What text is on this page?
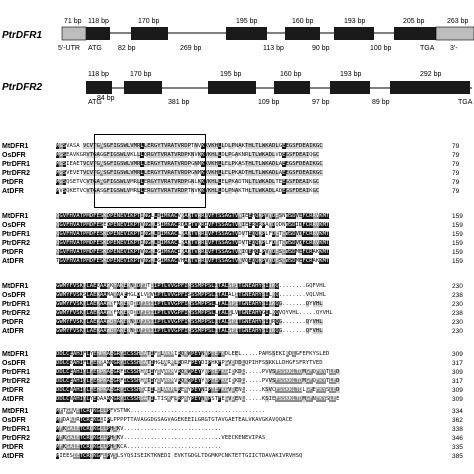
PtrDFR1
71 bp 118 bp	170 bp	195 bp	160 bp	193 bp	205 bp	263 bp
5'-UTR ATG 82 bp	269 bp	113 bp	90 bp	100 bp	TGA 3'-
PtrDFR2
118 bp	170 bp	195 bp	160 bp	193 bp	292 bp
ATG
84 bp
381 bp	109 bp	97 bp	89 bp	TGA
MtDFR1	MGSVASA VCVTGASGFIGSWLVMRLLERGYTVRATVRDPTNVKKVKHLLDLPNAKTHLTLWKADLGEEGSFDEAIKGC	79
OsDFR	MGSEAVKGRVTGAGGFIGSWLVKLLLQRGYTVRATVRDPKNVKKVKHLLDLPGAKNRLTLWKADLVDEGSFDEAIQGC	79
PtrDFR1	MGSIEAETVCVTGASGFIGSWLVMRLLERGYTVRATVRDPGNMKKVKHLLELPKASTHLTLWKADLAEEGSFDEAIKGC	79
PtrDFR2	MGSVEVETVCVTGASGFIGSWLVMRLLERGYTVRATVRDPGNMKKVKHLLELPKADTHLTLWKADLAEEGSFDEAIKGC	79
PtDFR	MGSQSETVCVTGAAGFIGSWLVMRLLERGYTVRATVRDPGNLKKVKHLLELPKADTNLTLWKADLTEEGSFDEAIKGC	79
AtDFR	MVSQKETVCVTGASGFIGSWLVMRLLERGYTVRATVRDPTNVKKVKHLLDLPNAKTHLTLWKADLADEGSFDEAIKGC	79
MtDFR1	QGVFHVATPMDFESKDPENEVIKPTINGLLDIMKACVKAKTVRRLVFTSSAGTVNIEEHQKPVYDESNWSDVEFCRRVKMT	159
OsDFR	QGVFHVATPMDFESEDPENEVIKPTVNGMLSIMKACRDAGTVKRIVFTSSAGTVNIEERQRPAYDQDNWSDIDFCRRVKMT	159
PtrDFR1	QGVFHVATPMDFESKDPENEVIKPTINGMLDIMKACLKAKTVRRLVFTSSAGTVDVTEQQKPLFDETCWSDVDFCRRVKMT	159
PtrDFR2	QGVFHVATPMDFESKDPENEVIKPTINGMLDIMKACLKAKTVRRLVFTSSAGTVDVTEQQKPLFDETCWSDVDFCRRVKMT	159
PtDFR	QGVFHVATPMDFESKDPENEVIKPTVNGMLGIMKACIKAKTVRRLVFTSSAGTVNIQEHQLPVYDESCWSDMEFCRAKKMT	159
AtDFR	TGVFHVATPMDFESKDPENEVIKPTVNGMLGIMKACVHAKTVRRLVFTSSAGTVNVQEQQKPVYDESCWSDMEFCRAKKMT	159
MtDFR1	GWMYFVSKTLAEQAAWKYAKENNIDFITIIPTLVVGPFIMSSMPPSLITALSPITGNEAHYSIIKQ........GQFVHL	230
OsDFR	GWMYFVSKSLAEKAAMAYAAEHGLDLVSVIPTLVVGPFISSSMPPSLITALALITGNEAHYSILKQ........VQLVHL	238
PtrDFR1	GWMYFVSKTLAEKAAWDFAKENDIDFISIIPTLVVGPFIMSSMPPSLLTALSPITGNEAHYSIIKQG.......QYVHL	230
PtrDFR2	GWMYFVSKTLAEKAAWDFAKENDIDFISIIPTLVVGPFIMSSMPPSLLTALSLVTGNEAHYGILKQVQYVHL.....QYVHL	238
PtDFR	GWMYFVSKTLAEKAAWDYAKENNIDFISIIPTLVVGPFIMSSMPPSLITALSPITGNEAHYSIIRQG.......QYVHL	230
AtDFR	GWMYFVSKTLAEKAAWDYAKENNIDFISIIPTLVVGPFIMSSMPPSLITALSPITGNEAHYSIIKQG.......QFVHL	230
MtDFR1	DDLCEAHIFLYEHPKAEGRYICSSHDATIFDLAKMIRQKWPEYNVPTEFKDLEEL.....PAMSSEKIKDLGFEFKYSLED	309
OsDFR	DDLCDAHIFLFEHPAANGRYICSSHDATIHGLARMLRDRFPEYDIPHKFPGVDDDLQPIHFSSKKLLDHGFSFRYTVED	317
PtrDFR1	DDLCEAHIYLFEHPKAEGRFICSSHHAIIYDVAKMVRQKWPEYYVPTEFKGIDKDL.....PVVSFSSKKLTDMGFQFKYTLED	309
PtrDFR2	DDLCEAHIYLFEHPKAEGRFICSSHHAIIYDVAKMVRQKWPEYYVPTEFKGIDKDL.....PVVSFSSKKLTDMGFQFKYTLED	317
PtDFR	DDLCNAHIYLFEHPKAEGRYICSSHDCIILDLAKMLREKYPEYNIPTEFKGVDENL.....KSVCFSSKKLTDLGFEFKYSLED	309
AtDFR	DDLCNAHIYLYEQAAAKGRYICSSHDATILTISKFLRPKYPEYNVPSTFEGVDENL.....KSIEFSSKKLTDMGFNFKYSLEE	309
MtDFR1	MFTGAVETCRTKGLLPFVSTNK........................................	334
OsDFR	MFDAAIRTCREKGLIPLPPPPTTAVAGGDGSAGVAGEKEEILGRGTGTAVGAETEALVKAVGKAVQQACE	362
PtrDFR1	MFKGAIETCRQKGLLPHSKV.............................	338
PtrDFR2	MFKGAIETCRQKGLLPHSKV.............................VEECKENEVIPAS	346
PtDFR	MFKGAIETCRQKGLLPHSKCA............................	335
AtDFR	MIEESIETCRQKGFLPVSLSYQSISEIKTKNEDI EVKTGDGLTDGMKPCNKTETTGIICTDAVAKIVRVHSQ	385
